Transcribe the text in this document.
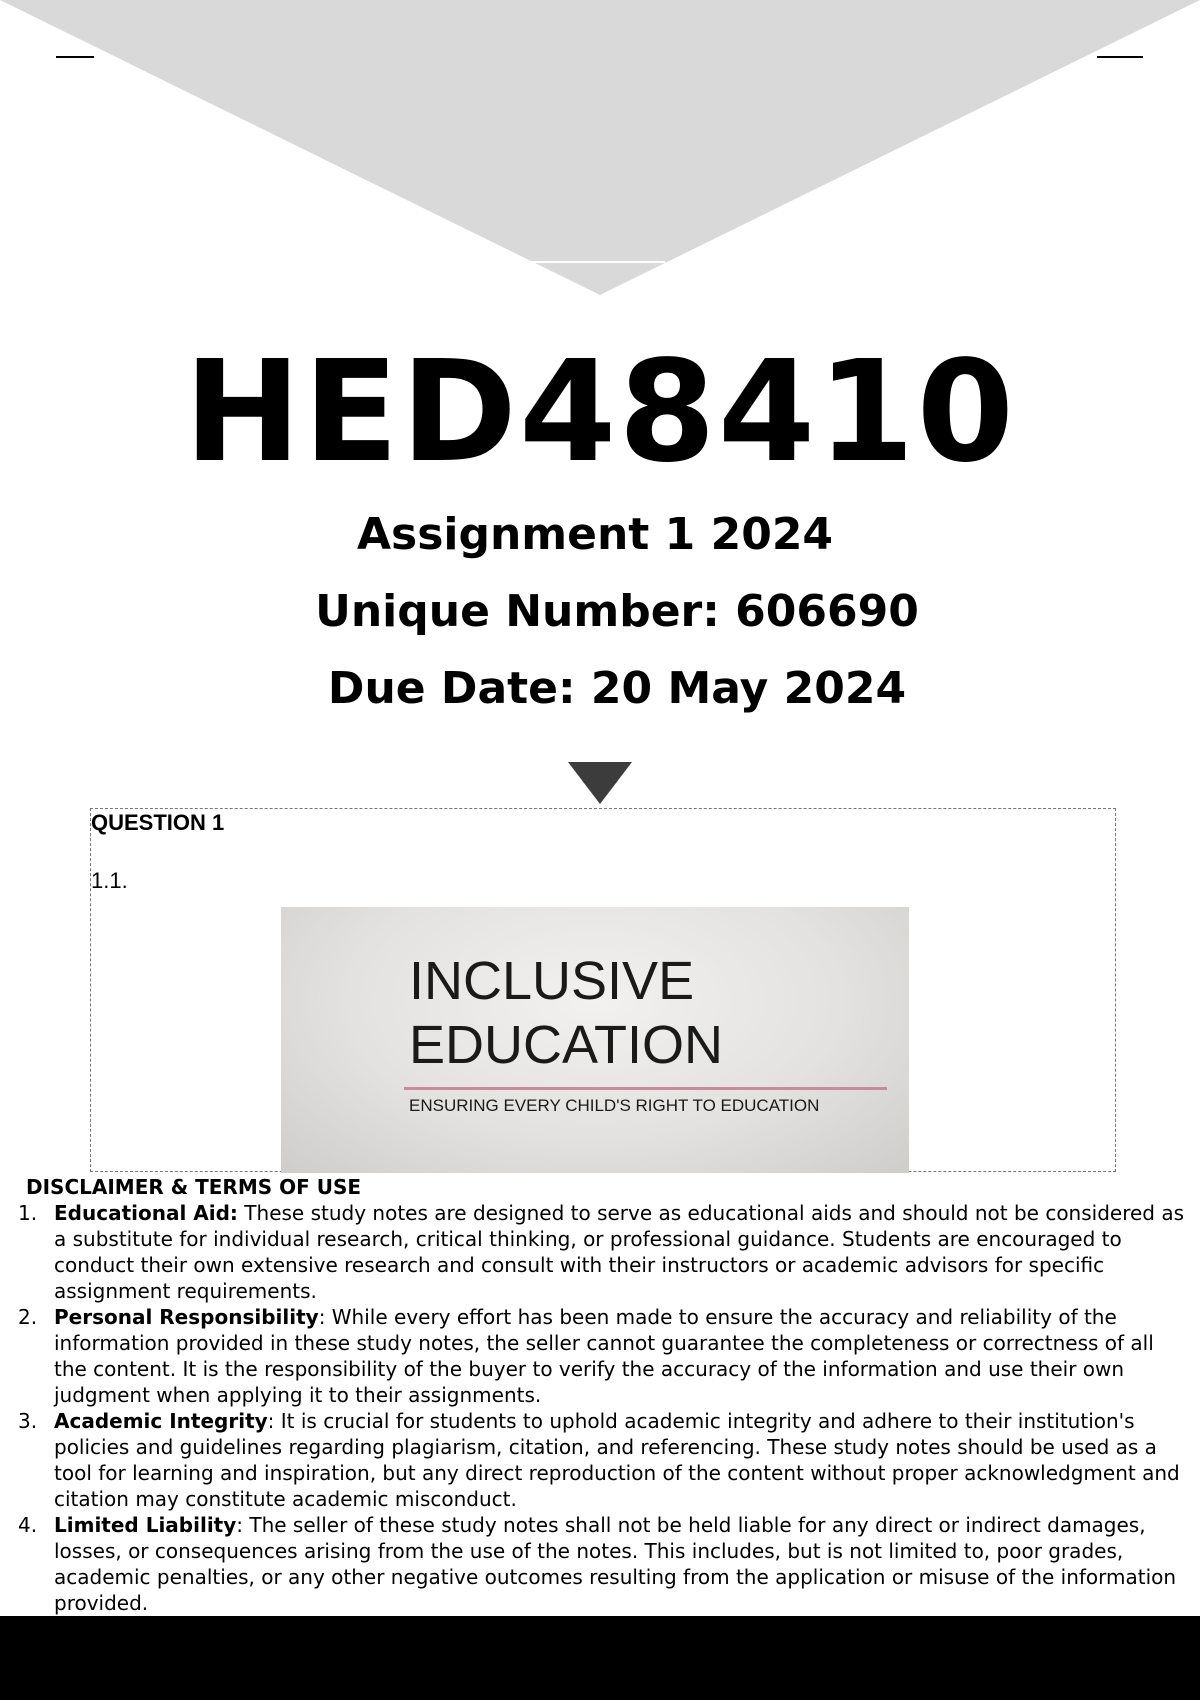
HED48410
Assignment 1 2024
Unique Number: 606690
Due Date: 20 May 2024
QUESTION 1
1.1.
INCLUSIVE
EDUCATION
ENSURING EVERY CHILD'S RIGHT TO EDUCATION
DISCLAIMER & TERMS OF USE
1. Educational Aid: These study notes are designed to serve as educational aids and should not be considered as a substitute for individual research, critical thinking, or professional guidance. Students are encouraged to conduct their own extensive research and consult with their instructors or academic advisors for specific assignment requirements.
2. Personal Responsibility: While every effort has been made to ensure the accuracy and reliability of the information provided in these study notes, the seller cannot guarantee the completeness or correctness of all the content. It is the responsibility of the buyer to verify the accuracy of the information and use their own judgment when applying it to their assignments.
3. Academic Integrity: It is crucial for students to uphold academic integrity and adhere to their institution's policies and guidelines regarding plagiarism, citation, and referencing. These study notes should be used as a tool for learning and inspiration, but any direct reproduction of the content without proper acknowledgment and citation may constitute academic misconduct.
4. Limited Liability: The seller of these study notes shall not be held liable for any direct or indirect damages, losses, or consequences arising from the use of the notes. This includes, but is not limited to, poor grades, academic penalties, or any other negative outcomes resulting from the application or misuse of the information provided.
